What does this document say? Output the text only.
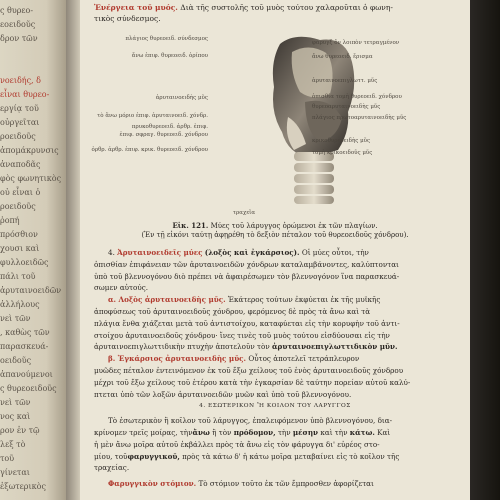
ς θυρεο-
εοειδοῦς
δρον τῶν
νοειδής, δ
εἶναι θυρεο-
εργίᾳ τοῦ
οὐργεῖται
ροειδοῦς
ἀπομάκρυνσις
ἀναποδᾶς
φὸς φωνητικὸς
οὐ εἶναι ὁ
ροειδοῦς
ῥοπή
πρόσθιον
χουσι καὶ
φυλλοειδῶς
πάλι τοῦ
ἀρυταινοειδῶν
ἀλλήλους
νεὶ τῶν
, καθὼς τῶν
παρασκευά-
οειδοῦς
ἀπανούμενοι
ς θυρεοειδοῦς
νεὶ τῶν
νος καὶ
ρον ἐν τῷ
λεξ τὸ
τοῦ
γίνεται
ἐξωτερικὸς
Ἐνέργεια τοῦ μυός. Διὰ τῆς συστολῆς τοῦ μυὸς τούτου χαλαροῦται ὁ φωνη-
τικὸς σύνδεσμος.
πλάγιος θυρεοειδ. σύνδεσμος
ἄνω ἐπιφ. θυρεοειδ. ὀρίπου
ἀρυταινοειδὴς μῦς
τὸ ἄνω μόριο ἐπιφ. ἀρυταινοειδ. χόνδρ.
πρυκοθυρεοειδ. ἀρθρ. ἐπιφ.
ἐπιφ. σφραγ. θυρεοειδ. χόνδρου
ὀρθρ. ἀρθρ. ἐπιφ. κρικ. θυρεοειδ. χόνδρου
φάρυγξ ὄν λοιπὸν τετραγμένον
ἄνω θυρεοειδ. ἔρισμα
ἀρυταινοεπιγλωττ. μῦς
ὀπισθία τομὴ θυρεοειδ. χόνδρου
θυρεοαρυταινοειδὴς μῦς
πλάγιος πρωτοαρυταινοειδὴς μῦς
κρικοθυρεοειδὴς μῦς
τομὴ κρικοειδοῦς μῦς
τραχεῖα
Εἰκ. 121. Μύες τοῦ λάρυγγος ὁρώμενοι ἐκ τῶν πλαγίων.
(Ἐν τῇ εἰκόνι ταύτῃ ἀφῃρέθη τὸ δεξιὸν πέταλον τοῦ θυρεοειδοῦς χόνδρου).
4. Ἀρυταινοειδεῖς μύες (λοξὸς καὶ ἐγκάρσιος). Οἱ μύες οὗτοι, τὴν
ὀπισθίαν ἐπιφάνειαν τῶν ἀρυταινοειδῶν χόνδρων καταλαμβάνοντες, καλύπτονται
ὑπὸ τοῦ βλεννογόνου διὸ πρέπει νὰ ἀφαιρέσωμεν τὸν βλεννογόνον ἵνα παρασκευά-
σωμεν αὐτούς.
α. Λοξὸς ἀρυταινοειδὴς μῦς. Ἑκάτερος τούτων ἐκφύεται ἐκ τῆς μυϊκῆς
ἀποφύσεως τοῦ ἀρυταινοειδοῦς χόνδρου, φερόμενος δὲ πρὸς τὰ ἄνω καὶ τὰ
πλάγια ἔνθα χιάζεται μετὰ τοῦ ἀντιστοίχου, καταφύεται εἰς τὴν κορυφὴν τοῦ ἀντι-
στοίχου ἀρυταινοειδοῦς χόνδρου· ἴνες τινὲς τοῦ μυὸς τούτου εἰσδύουσαι εἰς τὴν
ἀρυταινοεπιγλωττιδικὴν πτυχὴν ἀποτελοῦν τὸν ἀρυταινοεπιγλωττιδικὸν μῦν.
β. Ἐγκάρσιος ἀρυταινοειδὴς μῦς. Οὗτος ἀποτελεῖ τετράπλευρον
μυῶδες πέταλον ἐντεινόμενον ἐκ τοῦ ἔξω χείλους τοῦ ἑνὸς ἀρυταινοειδοῦς χόνδρου
μέχρι τοῦ ἔξω χείλους τοῦ ἑτέρου κατὰ τὴν ἐγκαρσίαν δὲ ταύτην πορείαν αὐτοῦ καλύ-
πτεται ὑπὸ τῶν λοξῶν ἀρυταινοειδῶν μυῶν καὶ ὑπὸ τοῦ βλεννογόνου.
4. ΕΣΩΤΕΡΙΚΟΝ Ἢ ΚΟΙΛΟΝ ΤΟΥ ΛΑΡΥΓΓΟΣ
Τὸ ἐσωτερικὸν ἢ κοῖλον τοῦ λάρυγγος, ἐπαλειφόμενον ὑπὸ βλεννογόνου, δια-
κρίνομεν τρεῖς μοίρας, τὴνἄνω ἢ τὸν πρόδομον, τὴν μέσην καὶ τὴν κάτω. Καὶ
ἡ μὲν ἄνω μοῖρα αὐτοῦ ἐκβάλλει πρὸς τὰ ἄνω εἰς τὸν φάρυγγα δι' εὐρέος στο-
μίου, τοῦφαρυγγικοῦ, πρὸς τὰ κάτω δ' ἡ κάτω μοῖρα μεταβαίνει εἰς τὸ κοῖλον τῆς
τραχείας.
Φαρυγγικὸν στόμιον. Τὸ στόμιον τοῦτο ἐκ τῶν ἔμπροσθεν ἀφορίζεται
